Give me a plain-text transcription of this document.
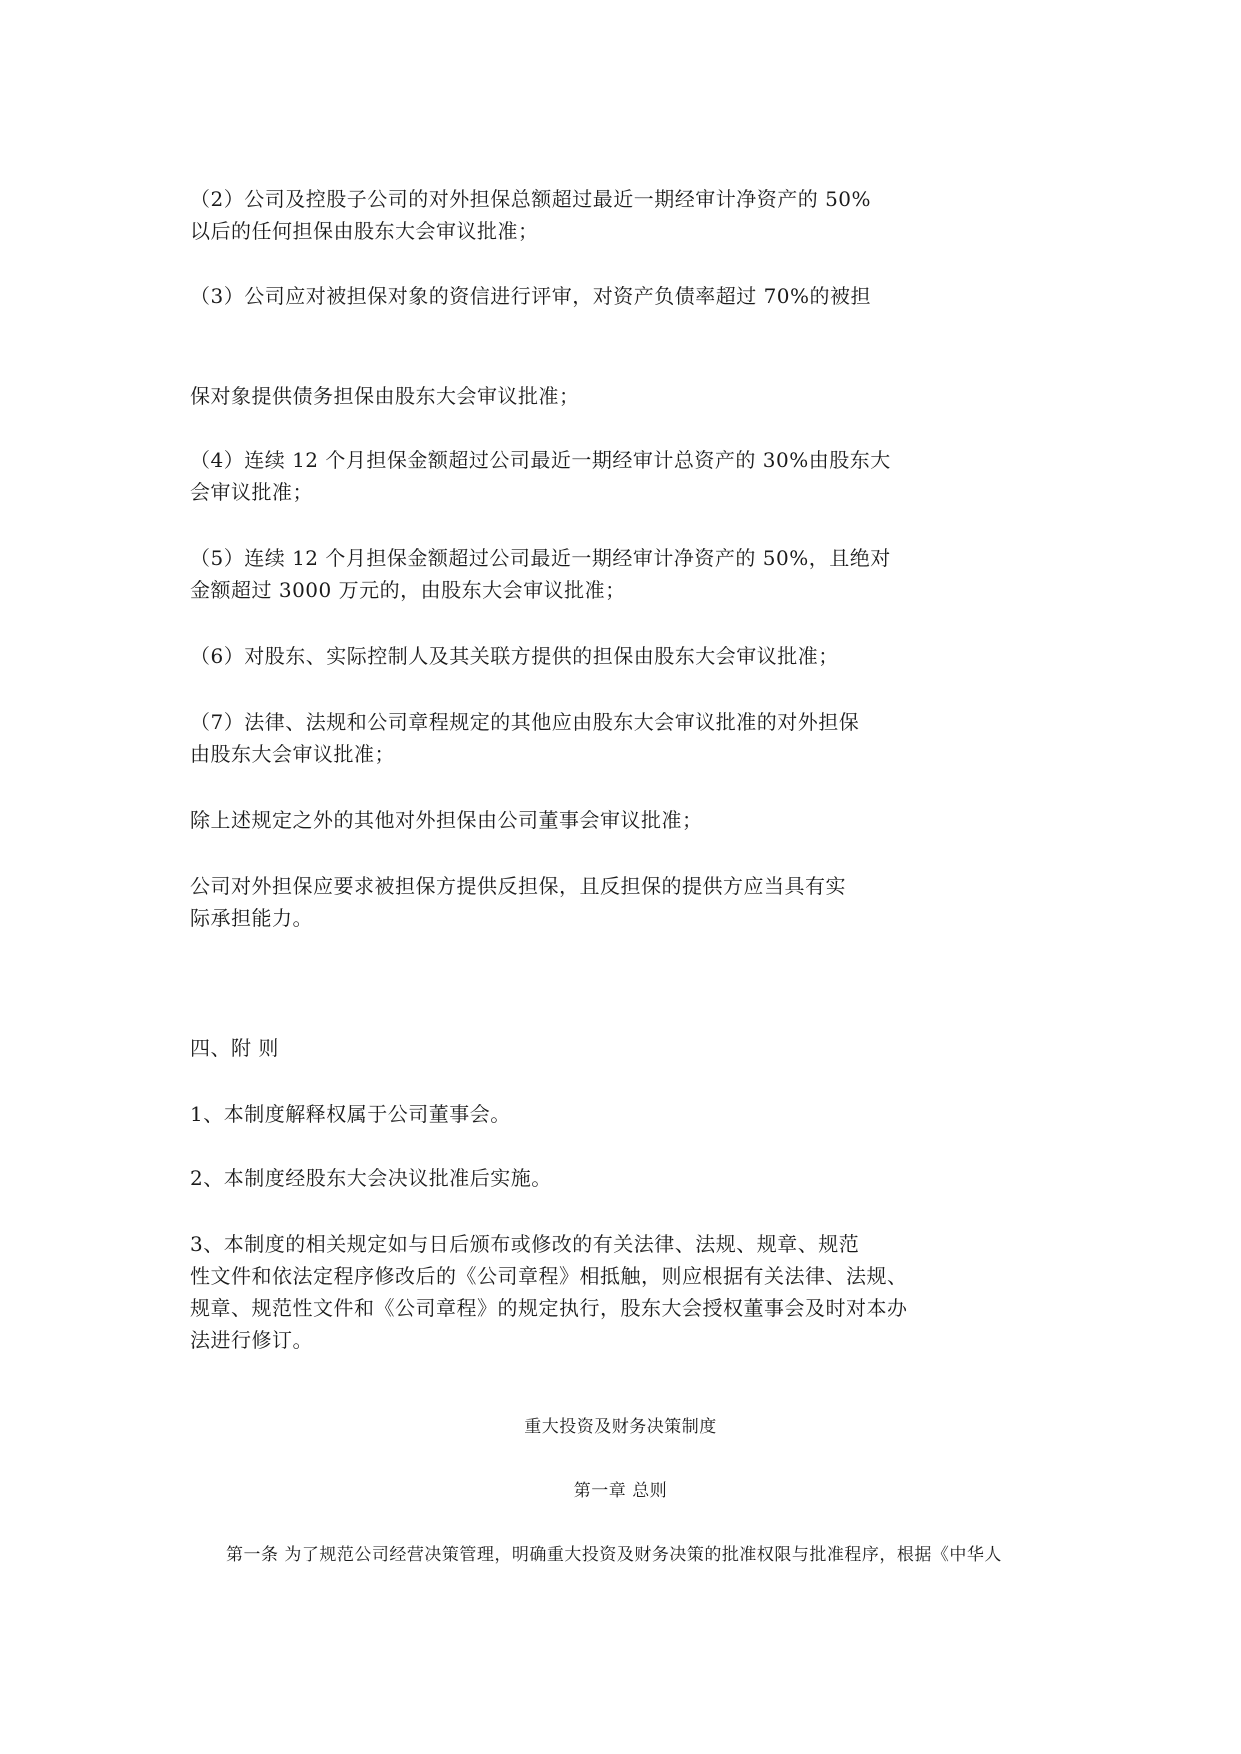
（2）公司及控股子公司的对外担保总额超过最近一期经审计净资产的 50%
以后的任何担保由股东大会审议批准；
（3）公司应对被担保对象的资信进行评审，对资产负债率超过 70%的被担
保对象提供债务担保由股东大会审议批准；
（4）连续 12 个月担保金额超过公司最近一期经审计总资产的 30%由股东大
会审议批准；
（5）连续 12 个月担保金额超过公司最近一期经审计净资产的 50%，且绝对
金额超过 3000 万元的，由股东大会审议批准；
（6）对股东、实际控制人及其关联方提供的担保由股东大会审议批准；
（7）法律、法规和公司章程规定的其他应由股东大会审议批准的对外担保
由股东大会审议批准；
除上述规定之外的其他对外担保由公司董事会审议批准；
公司对外担保应要求被担保方提供反担保，且反担保的提供方应当具有实
际承担能力。
四、附 则
1、本制度解释权属于公司董事会。
2、本制度经股东大会决议批准后实施。
3、本制度的相关规定如与日后颁布或修改的有关法律、法规、规章、规范
性文件和依法定程序修改后的《公司章程》相抵触，则应根据有关法律、法规、
规章、规范性文件和《公司章程》的规定执行，股东大会授权董事会及时对本办
法进行修订。
重大投资及财务决策制度
第一章 总则
第一条 为了规范公司经营决策管理，明确重大投资及财务决策的批准权限与批准程序，根据《中华人
